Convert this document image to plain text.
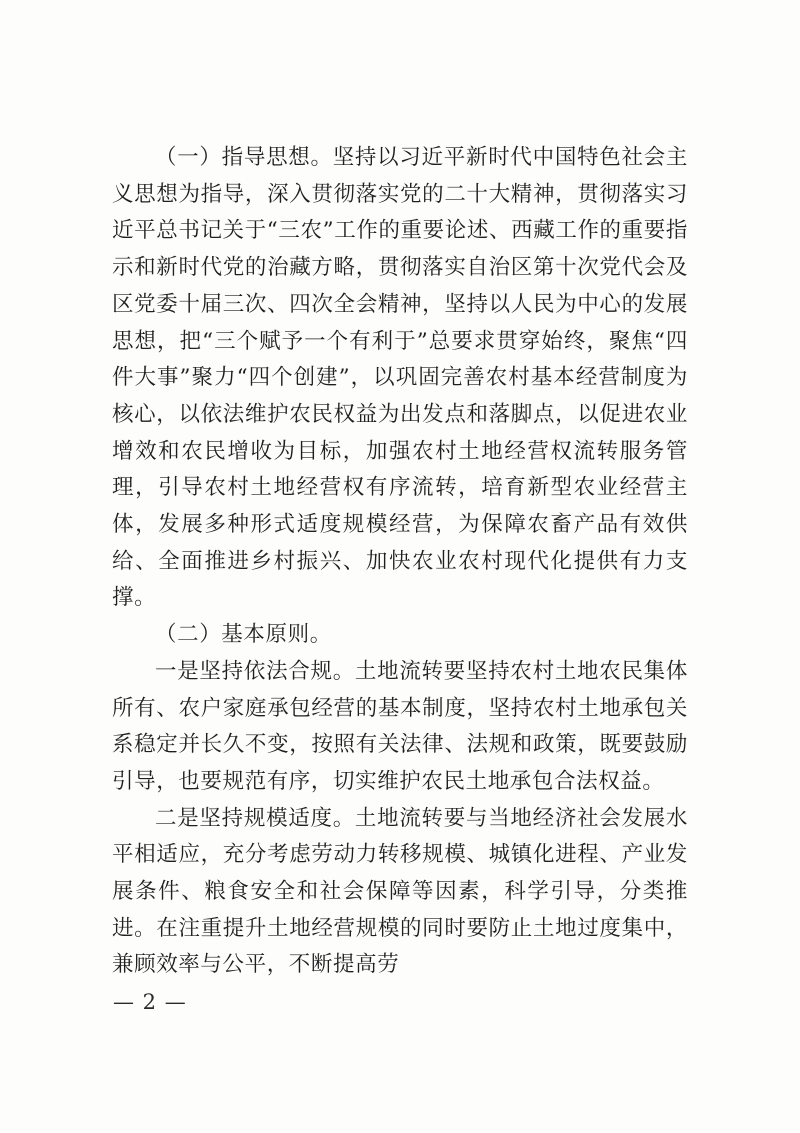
（一）指导思想。坚持以习近平新时代中国特色社会主义思想为指导，深入贯彻落实党的二十大精神，贯彻落实习近平总书记关于“三农”工作的重要论述、西藏工作的重要指示和新时代党的治藏方略，贯彻落实自治区第十次党代会及区党委十届三次、四次全会精神，坚持以人民为中心的发展思想，把“三个赋予一个有利于”总要求贯穿始终，聚焦“四件大事”聚力“四个创建”，以巩固完善农村基本经营制度为核心，以依法维护农民权益为出发点和落脚点，以促进农业增效和农民增收为目标，加强农村土地经营权流转服务管理，引导农村土地经营权有序流转，培育新型农业经营主体，发展多种形式适度规模经营，为保障农畜产品有效供给、全面推进乡村振兴、加快农业农村现代化提供有力支撑。

（二）基本原则。

一是坚持依法合规。土地流转要坚持农村土地农民集体所有、农户家庭承包经营的基本制度，坚持农村土地承包关系稳定并长久不变，按照有关法律、法规和政策，既要鼓励引导，也要规范有序，切实维护农民土地承包合法权益。

二是坚持规模适度。土地流转要与当地经济社会发展水平相适应，充分考虑劳动力转移规模、城镇化进程、产业发展条件、粮食安全和社会保障等因素，科学引导，分类推进。在注重提升土地经营规模的同时要防止土地过度集中，兼顾效率与公平，不断提高劳

— 2 —
